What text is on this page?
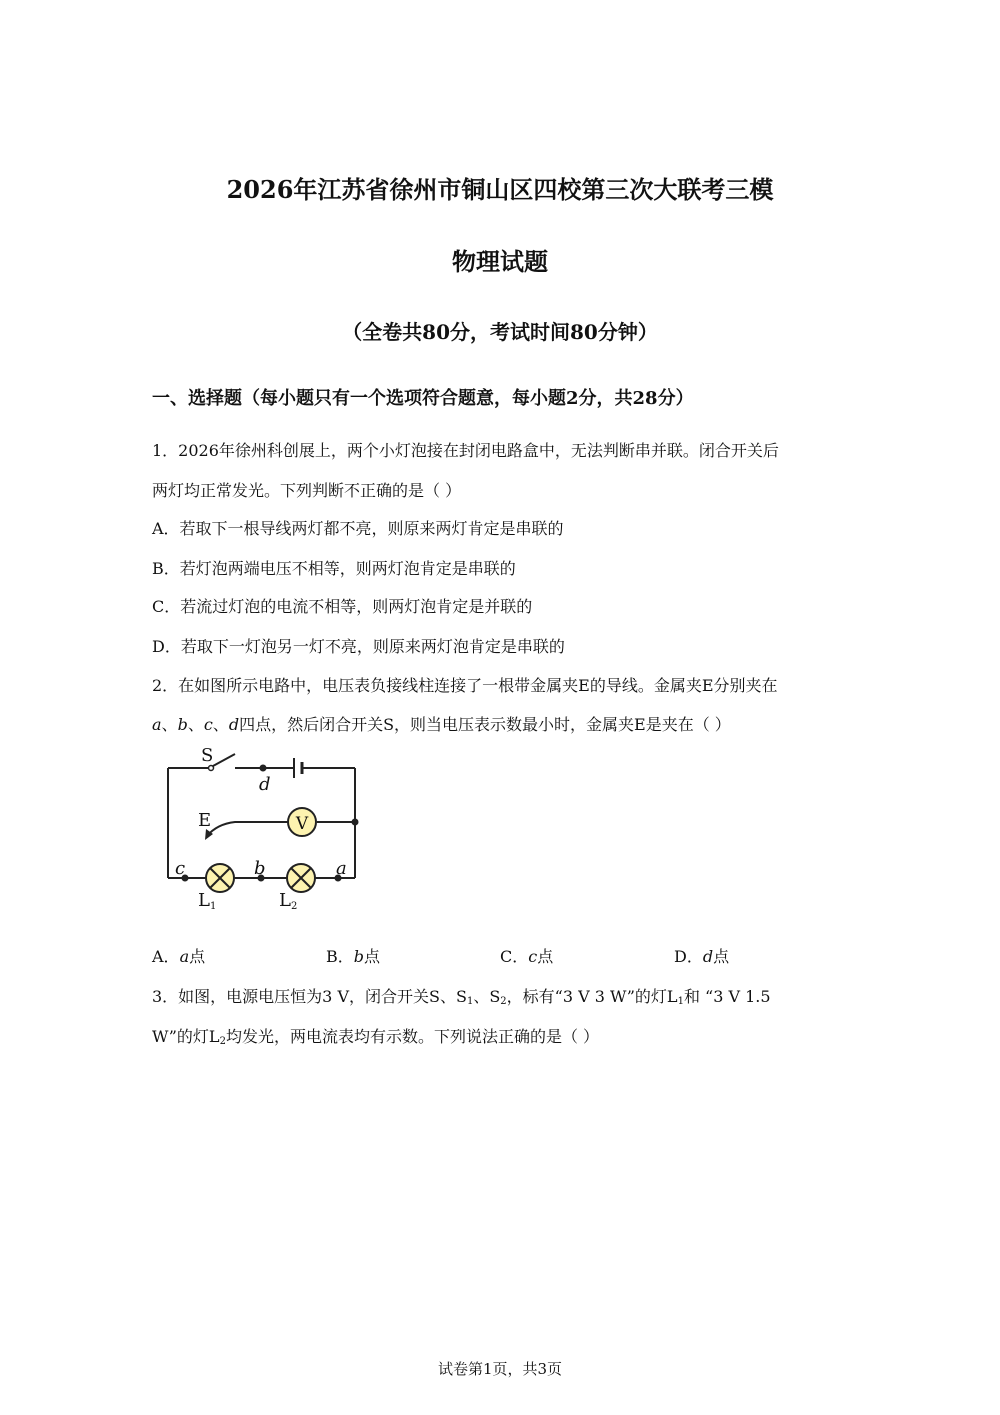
2026年江苏省徐州市铜山区四校第三次大联考三模
物理试题
（全卷共80分，考试时间80分钟）
一、选择题（每小题只有一个选项符合题意，每小题2分，共28分）
1．2026年徐州科创展上，两个小灯泡接在封闭电路盒中，无法判断串并联。闭合开关后
两灯均正常发光。下列判断不正确的是（ ）
A．若取下一根导线两灯都不亮，则原来两灯肯定是串联的
B．若灯泡两端电压不相等，则两灯泡肯定是串联的
C．若流过灯泡的电流不相等，则两灯泡肯定是并联的
D．若取下一灯泡另一灯不亮，则原来两灯泡肯定是串联的
2．在如图所示电路中，电压表负接线柱连接了一根带金属夹E的导线。金属夹E分别夹在
a、b、c、d四点，然后闭合开关S，则当电压表示数最小时，金属夹E是夹在（ ）
V
S
d
E
c	b	a
L1	L2
A．a点	B．b点	C．c点	D．d点
3．如图，电源电压恒为3 V，闭合开关S、$S_1$、$S_2$，标有“3 V 3 W”的灯$L_1$和 “3 V 1.5
W”的灯$L_2$均发光，两电流表均有示数。下列说法正确的是（ ）
试卷第1页，共3页
